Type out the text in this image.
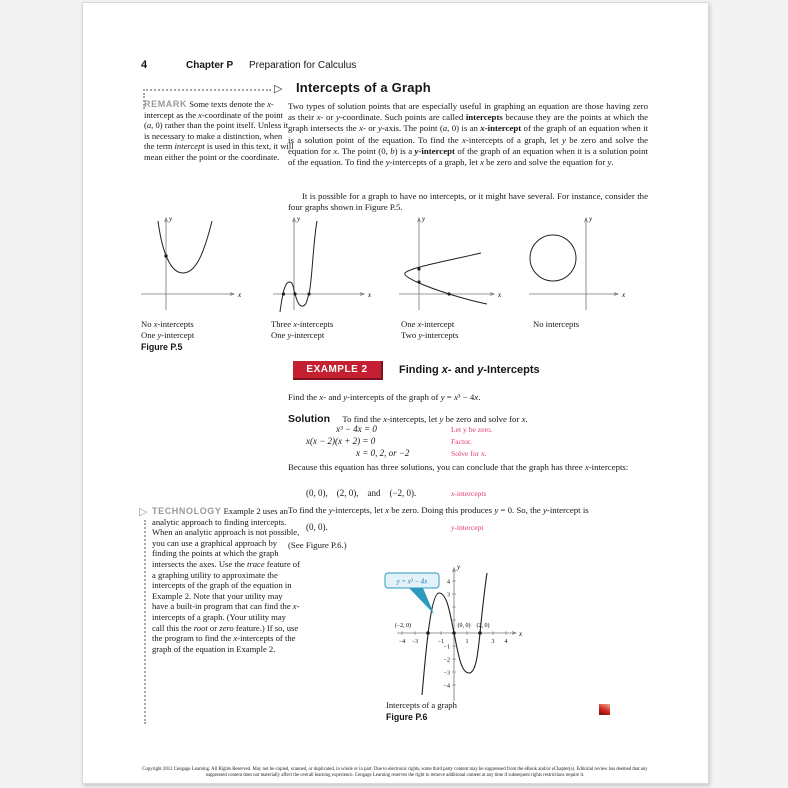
4	Chapter P Preparation for Calculus
▷ Intercepts of a Graph
REMARK Some texts denote the x-intercept as the x-coordinate of the point (a, 0) rather than the point itself. Unless it is necessary to make a distinction, when the term intercept is used in this text, it will mean either the point or the coordinate.
Two types of solution points that are especially useful in graphing an equation are those having zero as their x- or y-coordinate. Such points are called intercepts because they are the points at which the graph intersects the x- or y-axis. The point (a, 0) is an x-intercept of the graph of an equation when it is a solution point of the equation. To find the x-intercepts of a graph, let y be zero and solve the equation for x. The point (0, b) is a y-intercept of the graph of an equation when it is a solution point of the equation. To find the y-intercepts of a graph, let x be zero and solve the equation for y.
It is possible for a graph to have no intercepts, or it might have several. For instance, consider the four graphs shown in Figure P.5.
x
y
x
y
x
y
x
y
No x-intercepts
One y-intercept
Figure P.5
Three x-intercepts
One y-intercept
One x-intercept
Two y-intercepts
No intercepts
EXAMPLE 2	Finding x- and y-Intercepts
Find the x- and y-intercepts of the graph of y = x³ − 4x.
Solution To find the x-intercepts, let y be zero and solve for x.
x³ − 4x = 0	Let y be zero.
x(x − 2)(x + 2) = 0	Factor.
x = 0, 2, or −2	Solve for x.
Because this equation has three solutions, you can conclude that the graph has three x-intercepts:
(0, 0),    (2, 0),    and    (−2, 0).	x-intercepts
To find the y-intercepts, let x be zero. Doing this produces y = 0. So, the y-intercept is
(0, 0).	y-intercept
(See Figure P.6.)
▷ TECHNOLOGY Example 2 uses an analytic approach to finding intercepts. When an analytic approach is not possible, you can use a graphical approach by finding the points at which the graph intersects the axes. Use the trace feature of a graphing utility to approximate the intercepts of the graph of the equation in Example 2. Note that your utility may have a built-in program that can find the x-intercepts of a graph. (Your utility may call this the root or zero feature.) If so, use the program to find the x-intercepts of the graph of the equation in Example 2.
x
y
−4 −3	−1	1	3 4
4
3
−1
−2
−3
−4
(−2, 0)	(0, 0) (2, 0)
y = x³ − 4x
Intercepts of a graph
Figure P.6
Copyright 2012 Cengage Learning. All Rights Reserved. May not be copied, scanned, or duplicated, in whole or in part. Due to electronic rights, some third party content may be suppressed from the eBook and/or eChapter(s). Editorial review has deemed that any suppressed content does not materially affect the overall learning experience. Cengage Learning reserves the right to remove additional content at any time if subsequent rights restrictions require it.
